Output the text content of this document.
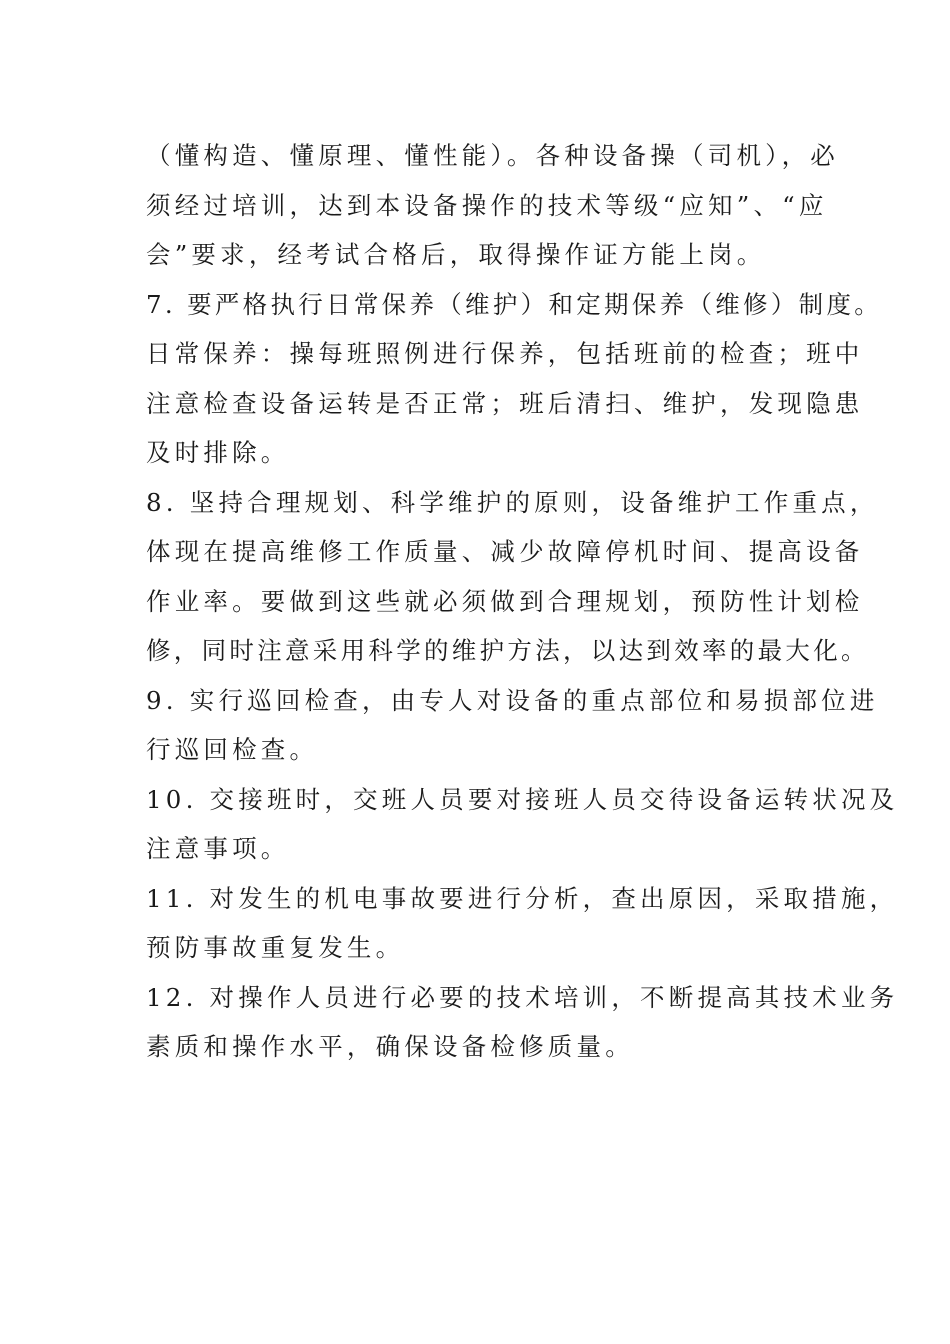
（懂构造、懂原理、懂性能）。各种设备操（司机），必
须经过培训，达到本设备操作的技术等级“应知”、“应
会”要求，经考试合格后，取得操作证方能上岗。
7. 要严格执行日常保养（维护）和定期保养（维修）制度。
日常保养：操每班照例进行保养，包括班前的检查；班中
注意检查设备运转是否正常；班后清扫、维护，发现隐患
及时排除。
8. 坚持合理规划、科学维护的原则，设备维护工作重点，
体现在提高维修工作质量、减少故障停机时间、提高设备
作业率。要做到这些就必须做到合理规划，预防性计划检
修，同时注意采用科学的维护方法，以达到效率的最大化。
9. 实行巡回检查，由专人对设备的重点部位和易损部位进
行巡回检查。
10. 交接班时，交班人员要对接班人员交待设备运转状况及
注意事项。
11. 对发生的机电事故要进行分析，查出原因，采取措施，
预防事故重复发生。
12. 对操作人员进行必要的技术培训，不断提高其技术业务
素质和操作水平，确保设备检修质量。
